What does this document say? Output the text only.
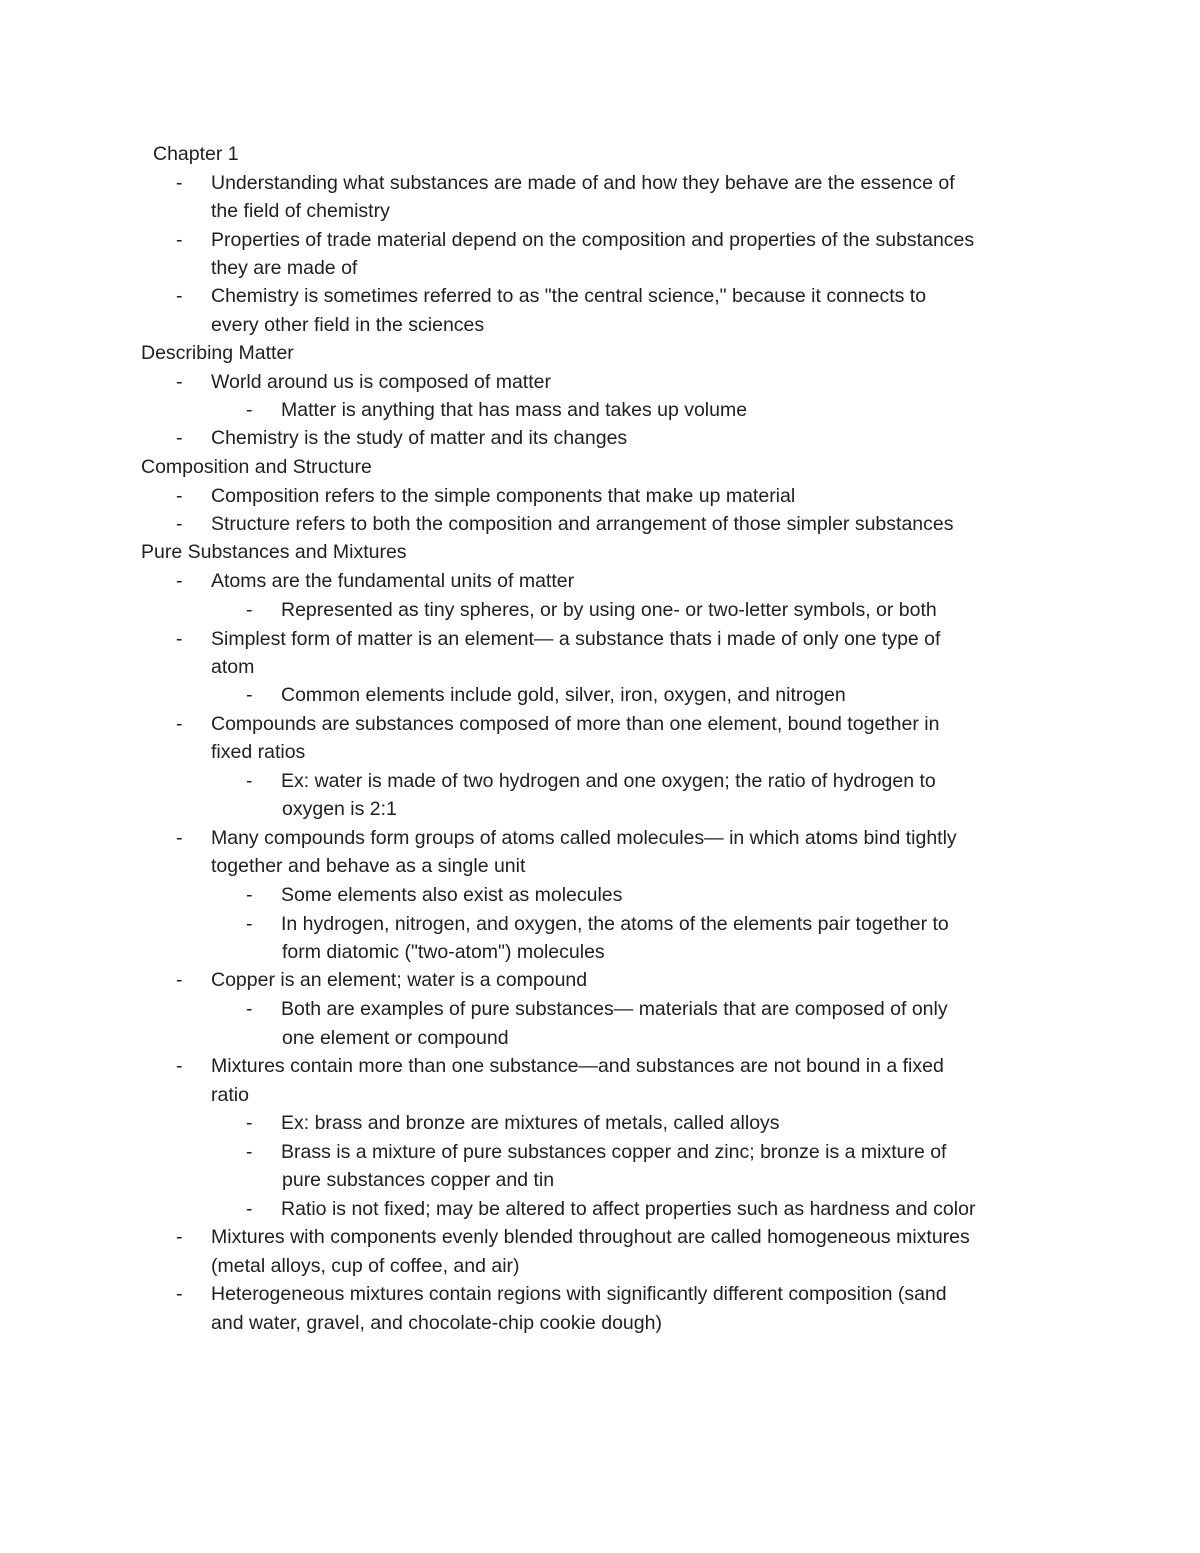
Chapter 1
- Understanding what substances are made of and how they behave are the essence of
the field of chemistry
- Properties of trade material depend on the composition and properties of the substances
they are made of
- Chemistry is sometimes referred to as "the central science," because it connects to
every other field in the sciences
Describing Matter
- World around us is composed of matter
- Matter is anything that has mass and takes up volume
- Chemistry is the study of matter and its changes
Composition and Structure
- Composition refers to the simple components that make up material
- Structure refers to both the composition and arrangement of those simpler substances
Pure Substances and Mixtures
- Atoms are the fundamental units of matter
- Represented as tiny spheres, or by using one- or two-letter symbols, or both
- Simplest form of matter is an element— a substance thats i made of only one type of
atom
- Common elements include gold, silver, iron, oxygen, and nitrogen
- Compounds are substances composed of more than one element, bound together in
fixed ratios
- Ex: water is made of two hydrogen and one oxygen; the ratio of hydrogen to
oxygen is 2:1
- Many compounds form groups of atoms called molecules— in which atoms bind tightly
together and behave as a single unit
- Some elements also exist as molecules
- In hydrogen, nitrogen, and oxygen, the atoms of the elements pair together to
form diatomic ("two-atom") molecules
- Copper is an element; water is a compound
- Both are examples of pure substances— materials that are composed of only
one element or compound
- Mixtures contain more than one substance—and substances are not bound in a fixed
ratio
- Ex: brass and bronze are mixtures of metals, called alloys
- Brass is a mixture of pure substances copper and zinc; bronze is a mixture of
pure substances copper and tin
- Ratio is not fixed; may be altered to affect properties such as hardness and color
- Mixtures with components evenly blended throughout are called homogeneous mixtures
(metal alloys, cup of coffee, and air)
- Heterogeneous mixtures contain regions with significantly different composition (sand
and water, gravel, and chocolate-chip cookie dough)
